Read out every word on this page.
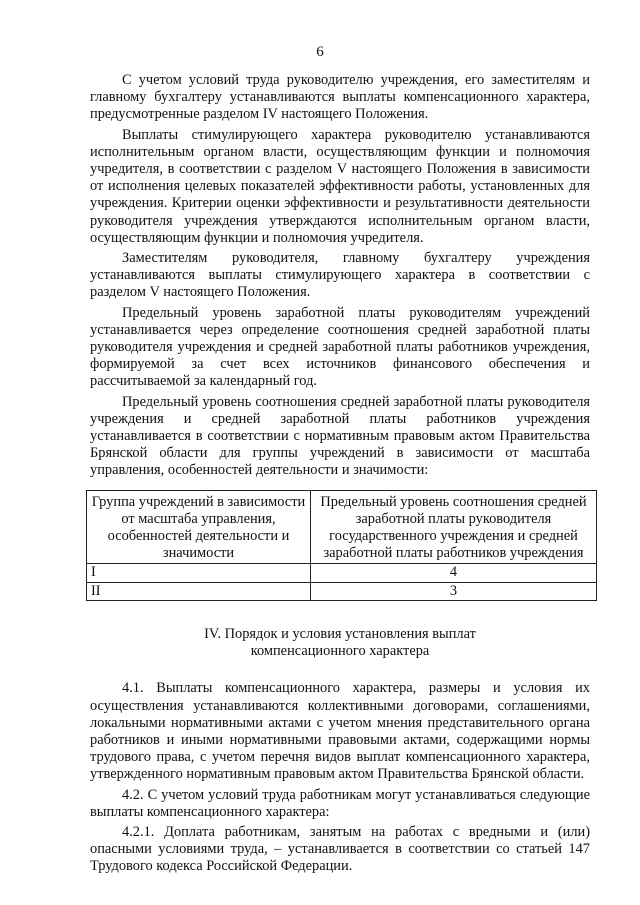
6

С учетом условий труда руководителю учреждения, его заместителям и главному бухгалтеру устанавливаются выплаты компенсационного характера, предусмотренные разделом IV настоящего Положения.

Выплаты стимулирующего характера руководителю устанавливаются исполнительным органом власти, осуществляющим функции и полномочия учредителя, в соответствии с разделом V настоящего Положения в зависимости от исполнения целевых показателей эффективности работы, установленных для учреждения. Критерии оценки эффективности и результативности деятельности руководителя учреждения утверждаются исполнительным органом власти, осуществляющим функции и полномочия учредителя.

Заместителям руководителя, главному бухгалтеру учреждения устанавливаются выплаты стимулирующего характера в соответствии с разделом V настоящего Положения.

Предельный уровень заработной платы руководителям учреждений устанавливается через определение соотношения средней заработной платы руководителя учреждения и средней заработной платы работников учреждения, формируемой за счет всех источников финансового обеспечения и рассчитываемой за календарный год.

Предельный уровень соотношения средней заработной платы руководителя учреждения и средней заработной платы работников учреждения устанавливается в соответствии с нормативным правовым актом Правительства Брянской области для группы учреждений в зависимости от масштаба управления, особенностей деятельности и значимости:

Группа учреждений в зависимости от масштаба управления, особенностей деятельности и значимости	Предельный уровень соотношения средней заработной платы руководителя государственного учреждения и средней заработной платы работников учреждения
I	4
II	3
IV. Порядок и условия установления выплат
компенсационного характера

4.1. Выплаты компенсационного характера, размеры и условия их осуществления устанавливаются коллективными договорами, соглашениями, локальными нормативными актами с учетом мнения представительного органа работников и иными нормативными правовыми актами, содержащими нормы трудового права, с учетом перечня видов выплат компенсационного характера, утвержденного нормативным правовым актом Правительства Брянской области.

4.2. С учетом условий труда работникам могут устанавливаться следующие выплаты компенсационного характера:

4.2.1. Доплата работникам, занятым на работах с вредными и (или) опасными условиями труда, – устанавливается в соответствии со статьей 147 Трудового кодекса Российской Федерации.
